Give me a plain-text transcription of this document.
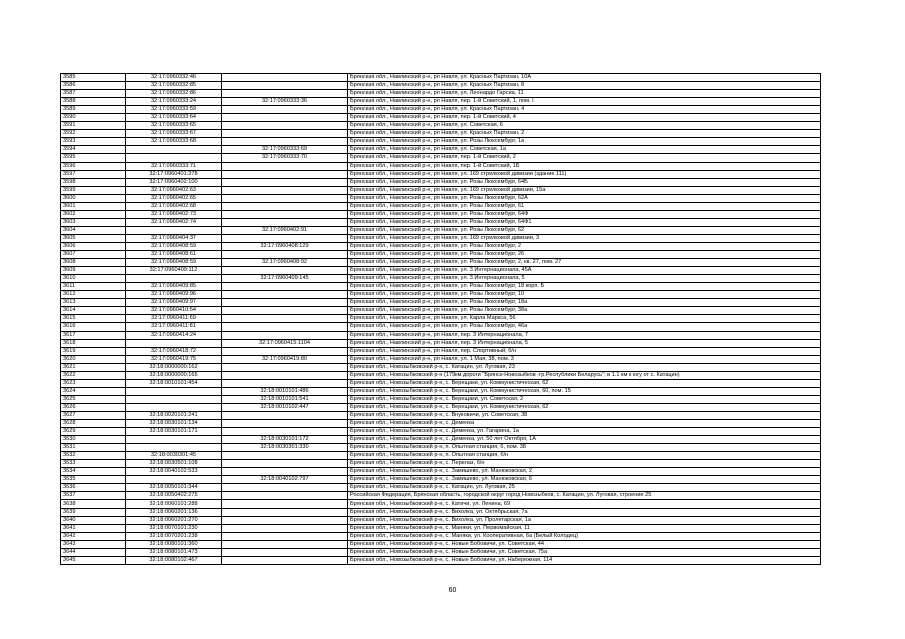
3585	32:17:0960332:46		Брянская обл., Навлинский р-н, рп Навля, ул. Красных Партизан, 10А
3586	32:17:0960332:85		Брянская обл., Навлинский р-н, рп Навля, ул. Красных Партизан, 8
3587	32:17:0960332:86		Брянская обл., Навлинский р-н, рп Навля, ул. Леонардо Гарсиа, 11
3588	32:17:0960333:24	32:17:0960333:36	Брянская обл., Навлинский р-н, рп Навля, пер. 1-й Советский, 1, пом. I
3589	32:17:0960333:59		Брянская обл., Навлинский р-н, рп Навля, ул. Красных Партизан, 4
3590	32:17:0960333:64		Брянская обл., Навлинский р-н, рп Навля, пер. 1-й Советский, 4
3591	32:17:0960333:65		Брянская обл., Навлинский р-н, рп Навля, ул. Советская, 6
3592	32:17:0960333:67		Брянская обл., Навлинский р-н, рп Навля, ул. Красных Партизан, 2
3593	32:17:0960333:68		Брянская обл., Навлинский р-н, рп Навля, ул. Розы Люксембург, 1а
3594		32:17:0960333:69	Брянская обл., Навлинский р-н, рп Навля, ул. Советская, 1а
3595		32:17:0960333:70	Брянская обл., Навлинский р-н, рп Навля, пер. 1-й Советский, 2
3596	32:17:0960333:71		Брянская обл., Навлинский р-н, рп Навля, пер. 1-й Советский, 1Б
3597	32:17:0960401:278		Брянская обл., Навлинский р-н, рп Навля, ул. 169 стрелковой дивизии (здание 111)
3598	32:17:0960402:100		Брянская обл., Навлинский р-н, рп Навля, ул. Розы Люксембург, 64Б
3599	32:17:0960402:63		Брянская обл., Навлинский р-н, рп Навля, ул. 169 стрелковой дивизии, 15а
3600	32:17:0960402:65		Брянская обл., Навлинский р-н, рп Навля, ул. Розы Люксембург, 62А
3601	32:17:0960402:68		Брянская обл., Навлинский р-н, рп Навля, ул. Розы Люксембург, 61
3602	32:17:0960402:73		Брянская обл., Навлинский р-н, рп Навля, ул. Розы Люксембург, 64Ф
3603	32:17:0960402:74		Брянская обл., Навлинский р-н, рп Навля, ул. Розы Люксембург, 64Ф1
3604		32:17:0960402:91	Брянская обл., Навлинский р-н, рп Навля, ул. Розы Люксембург, 62
3605	32:17:0960404:37		Брянская обл., Навлинский р-н, рп Навля, ул. 169 стрелковой дивизии, 3
3606	32:17:0960408:59	32:17:0960408:129	Брянская обл., Навлинский р-н, рп Навля, ул. Розы Люксембург, 2
3607	32:17:0960408:61		Брянская обл., Навлинский р-н, рп Навля, ул. Розы Люксембург, 26
3608	32:17:0960408:59	32:17:0960408:92	Брянская обл., Навлинский р-н, рп Навля, ул. Розы Люксембург, 2, кв. 27, пом. 27
3609	32:17:0960409:112		Брянская обл., Навлинский р-н, рп Навля, ул. 3 Интернационала, 45А
3610		32:17:0960409:145	Брянская обл., Навлинский р-н, рп Навля, ул. 3 Интернационала, 5
3611	32:17:0960409:85		Брянская обл., Навлинский р-н, рп Навля, ул. Розы Люксембург, 18 корп. Б
3612	32:17:0960409:96		Брянская обл., Навлинский р-н, рп Навля, ул. Розы Люксембург, 10
3613	32:17:0960409:97		Брянская обл., Навлинский р-н, рп Навля, ул. Розы Люксембург, 18а
3614	32:17:0960410:54		Брянская обл., Навлинский р-н, рп Навля, ул. Розы Люксембург, 38а
3615	32:17:0960411:69		Брянская обл., Навлинский р-н, рп Навля, ул. Карла Маркса, 56
3616	32:17:0960411:81		Брянская обл., Навлинский р-н, рп Навля, ул. Розы Люксембург, 46а
3617	32:17:0960414:24		Брянская обл., Навлинский р-н, рп Навля, пер. 3 Интернационала, 7
3618		32:17:0960415:1104	Брянская обл., Навлинский р-н, рп Навля, пер. 3 Интернационала, 5
3619	32:17:0960418:72		Брянская обл., Навлинский р-н, рп Навля, пер. Спортивный, б/н
3620	32:17:0960419:75	32:17:0960419:80	Брянская обл., Навлинский р-н, рп Навля, ул. 1 Мая, 38, пом. 3
3621	32:18:0000000:162		Брянская обл., Новозыбковский р-н, с. Катацин, ул. Луговая, 23
3622	32:18:0000000:165		Брянская обл., Новозыбковский р-н (179км дороги "Брянск-Новозыбков -гр.Республики Беларусь"; в 1.1 км к югу от с. Катацин)
3623	32:18:0010101:454		Брянская обл., Новозыбковский р-н, с. Верещаки, ул. Коммунистическая, 62
3624		32:18:0010101:486	Брянская обл., Новозыбковский р-н, с. Верещаки, ул. Коммунистическая, 60, пом. 15
3625		32:18:0010101:541	Брянская обл., Новозыбковский р-н, с. Верещаки, ул. Советская, 2
3626		32:18:0010102:447	Брянская обл., Новозыбковский р-н, с. Верещаки, ул. Коммунистическая, 62
3627	32:18:0020101:241		Брянская обл., Новозыбковский р-н, с. Внуковичи, ул. Советская, 38
3628	32:18:0030101:134		Брянская обл., Новозыбковский р-н, с. Деменка
3629	32:18:0030101:171		Брянская обл., Новозыбковский р-н, с. Деменка, ул. Гагарина, 1а
3630		32:18:0030101:172	Брянская обл., Новозыбковский р-н, с. Деменка, ул. 50 лет Октября, 1А
3631		32:18:0030301:330	Брянская обл., Новозыбковский р-н, п. Опытная станция, 6, пом. 38
3632	32:18:0030301:45		Брянская обл., Новозыбковский р-н, п. Опытная станция, б/н
3633	32:18:0030501:108		Брянская обл., Новозыбковский р-н, с. Перелаз, б/н
3634	32:18:0040102:533		Брянская обл., Новозыбковский р-н, с. Замишево, ул. Манюковская, 2
3635		32:18:0040102:797	Брянская обл., Новозыбковский р-н, с. Замишево, ул. Манюковская, 6
3636	32:18:0050101:344		Брянская обл., Новозыбковский р-н, с. Катацин, ул. Луговая, 25
3637	32:18:0050402:275		Российская Федерация, Брянская область, городской округ город Новозыбков, с. Катацин, ул. Луговая, строение 25
3638	32:18:0060101:288		Брянская обл., Новозыбковский р-н, с. Катичи, ул. Ленина, 69
3639	32:18:0060201:136		Брянская обл., Новозыбковский р-н, с. Вихолка, ул. Октябрьская, 7а
3640	32:18:0060201:270		Брянская обл., Новозыбковский р-н, с. Вихолка, ул. Пролетарская, 1а
3641	32:18:0070101:230		Брянская обл., Новозыбковский р-н, с. Маняки, ул. Первомайская, 11
3642	32:18:0070201:238		Брянская обл., Новозыбковский р-н, с. Маняки, ул. Кооперативная, 6а (Белый Колодец)
3643	32:18:0080101:360		Брянская обл., Новозыбковский р-н, с. Новые Бобовичи, ул. Советская, 44
3644	32:18:0080101:473		Брянская обл., Новозыбковский р-н, с. Новые Бобовичи, ул. Советская, 75а
3645	32:18:0080102:467		Брянская обл., Новозыбковский р-н, с. Новые Бобовичи, ул. Набережная, 114
60
